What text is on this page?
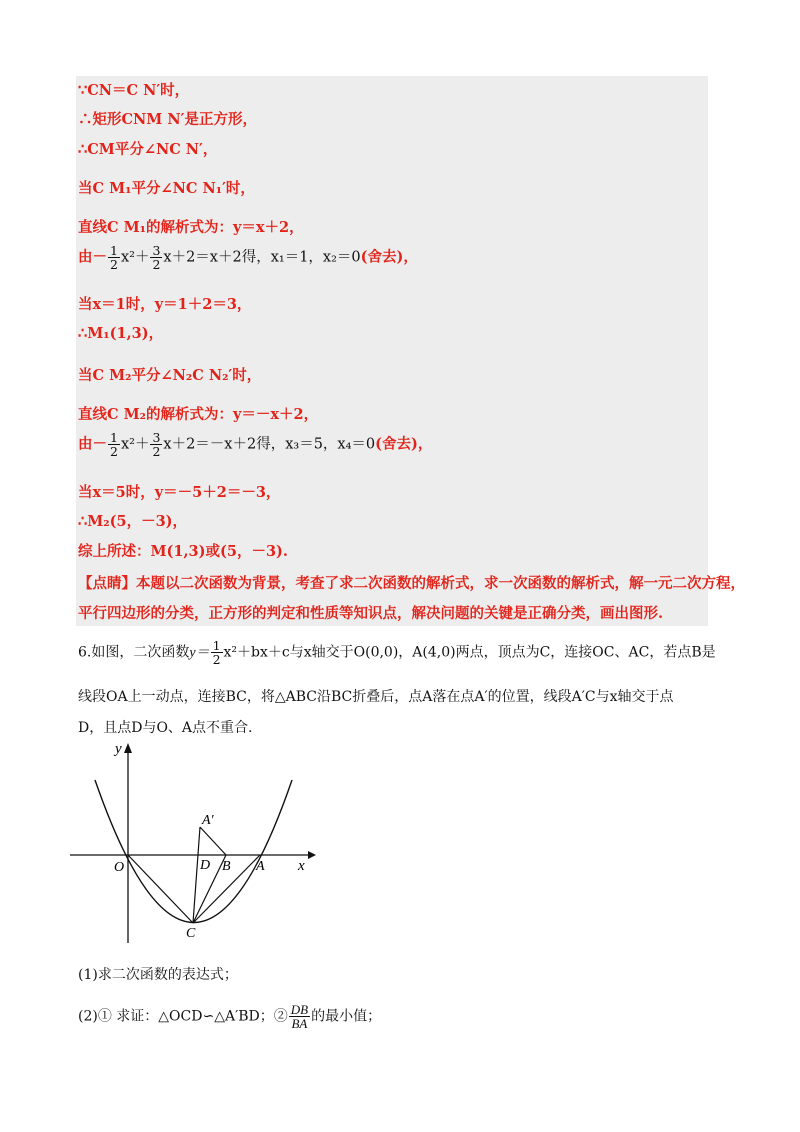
∵CN＝C N′时，
∴矩形CNM N′是正方形，
∴CM平分∠NC N′，
当C M₁平分∠NC N₁′时，
直线C M₁的解析式为：y＝x＋2，
由－ $\frac{1}{2} x^2+ \frac{3}{2} x+2=x+2$得，x₁＝1，x₂＝0(舍去)，
当x＝1时，y＝1＋2＝3，
∴M₁(1,3)，
当C M₂平分∠N₂C N₂′时，
直线C M₂的解析式为：y＝－x＋2，
由－ $\frac{1}{2} x^2+ \frac{3}{2} x+2=-x+2$得，x₃＝5，x₄＝0(舍去)，
当x＝5时，y＝－5＋2＝－3，
∴M₂(5，－3)，
综上所述：M(1,3)或(5，－3).
【点睛】本题以二次函数为背景，考查了求二次函数的解析式，求一次函数的解析式，解一元二次方程，
平行四边形的分类，正方形的判定和性质等知识点，解决问题的关键是正确分类，画出图形.
6.如图，二次函数$y= \frac{1}{2} x^2+bx+c$与x轴交于O(0,0)，A(4,0)两点，顶点为C，连接OC、AC，若点B是
线段OA上一动点，连接BC，将△ABC沿BC折叠后，点A落在点A′的位置，线段A′C与x轴交于点
D，且点D与O、A点不重合.
y
x
O	A
A′
B
D
C
(1)求二次函数的表达式；
(2)① 求证：△OCD∽△A′BD；② $\frac{DB}{BA}$ 的最小值；
